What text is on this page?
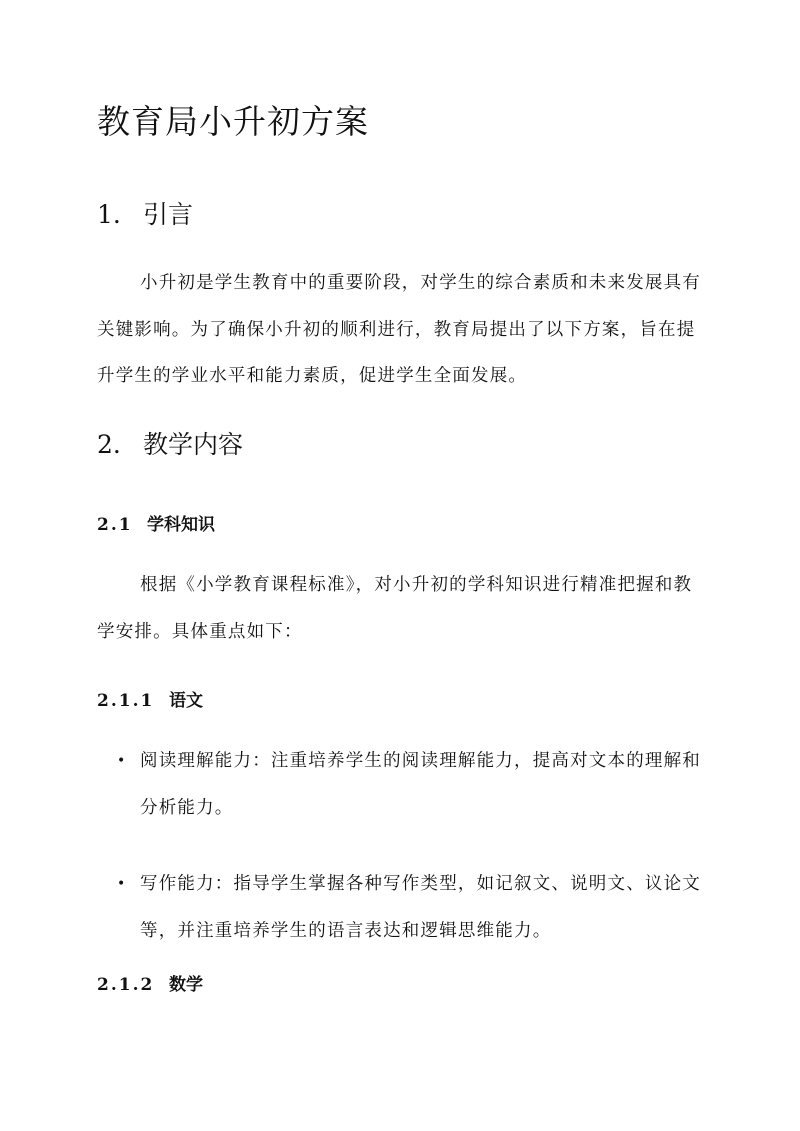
教育局小升初方案
1. 引言

小升初是学生教育中的重要阶段，对学生的综合素质和未来发展具有关键影响。为了确保小升初的顺利进行，教育局提出了以下方案，旨在提升学生的学业水平和能力素质，促进学生全面发展。

2. 教学内容
2.1 学科知识

根据《小学教育课程标准》，对小升初的学科知识进行精准把握和教学安排。具体重点如下：

2.1.1 语文
• 阅读理解能力：注重培养学生的阅读理解能力，提高对文本的理解和分析能力。
• 写作能力：指导学生掌握各种写作类型，如记叙文、说明文、议论文等，并注重培养学生的语言表达和逻辑思维能力。
2.1.2 数学
